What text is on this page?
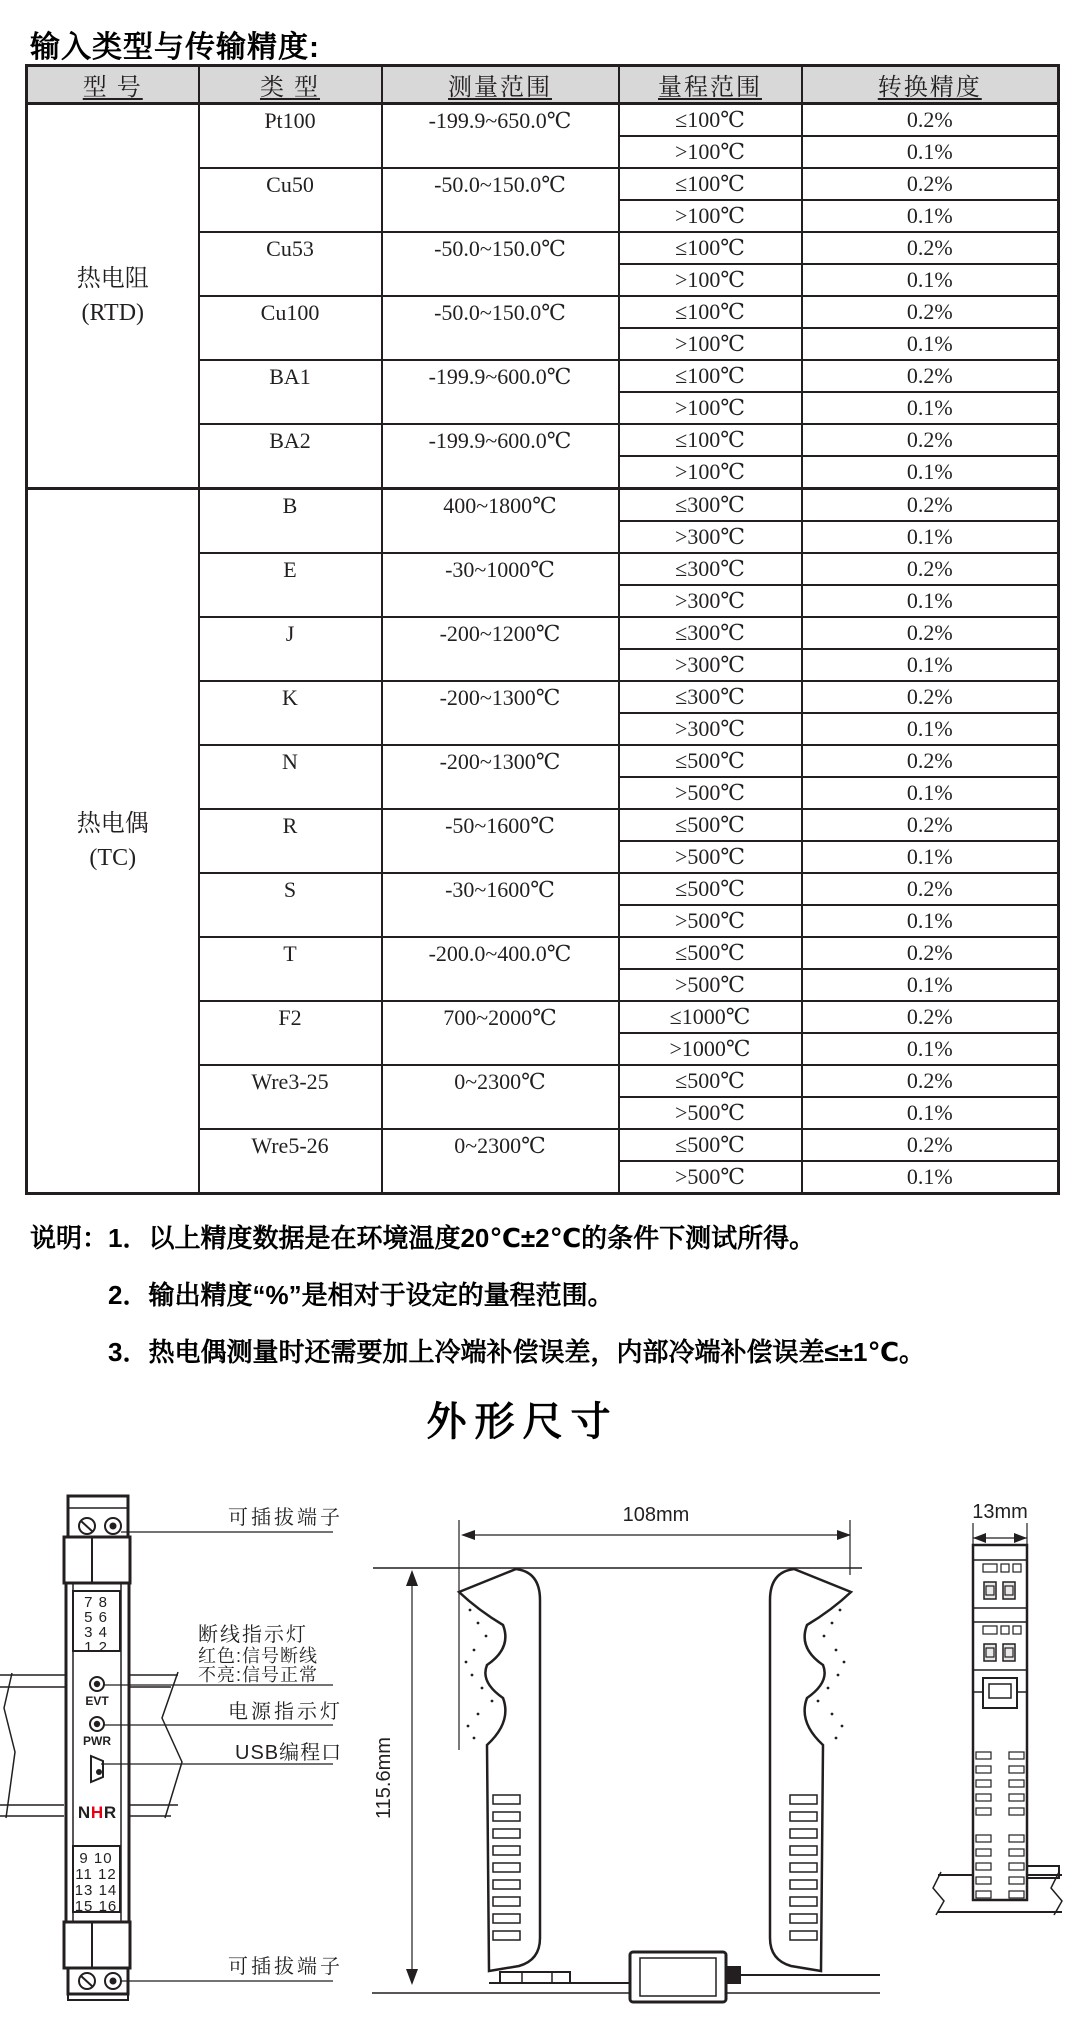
输入类型与传输精度:
型 号	类 型	测量范围	量程范围	转换精度

热电阻
(RTD)	Pt100	-199.9~650.0℃	≤100℃	0.2%
			>100℃	0.1%
	Cu50	-50.0~150.0℃	≤100℃	0.2%
			>100℃	0.1%
	Cu53	-50.0~150.0℃	≤100℃	0.2%
			>100℃	0.1%
	Cu100	-50.0~150.0℃	≤100℃	0.2%
			>100℃	0.1%
	BA1	-199.9~600.0℃	≤100℃	0.2%
			>100℃	0.1%
	BA2	-199.9~600.0℃	≤100℃	0.2%
			>100℃	0.1%

热电偶
(TC)	B	400~1800℃	≤300℃	0.2%
			>300℃	0.1%
	E	-30~1000℃	≤300℃	0.2%
			>300℃	0.1%
	J	-200~1200℃	≤300℃	0.2%
			>300℃	0.1%
	K	-200~1300℃	≤300℃	0.2%
			>300℃	0.1%
	N	-200~1300℃	≤500℃	0.2%
			>500℃	0.1%
	R	-50~1600℃	≤500℃	0.2%
			>500℃	0.1%
	S	-30~1600℃	≤500℃	0.2%
			>500℃	0.1%
	T	-200.0~400.0℃	≤500℃	0.2%
			>500℃	0.1%
	F2	700~2000℃	≤1000℃	0.2%
			>1000℃	0.1%
	Wre3-25	0~2300℃	≤500℃	0.2%
			>500℃	0.1%
	Wre5-26	0~2300℃	≤500℃	0.2%
			>500℃	0.1%
说明：1．以上精度数据是在环境温度20℃±2℃的条件下测试所得。
2．输出精度“%”是相对于设定的量程范围。
3．热电偶测量时还需要加上冷端补偿误差，内部冷端补偿误差≤±1℃。
外形尺寸
7 8
5 6
3 4
1 2
EVT
PWR
N H R
9 10
11 12
13 14
15 16
可插拔端子
断线指示灯
红色:信号断线
不亮:信号正常
电源指示灯
USB编程口
可插拔端子
108mm
115.6mm
13mm
